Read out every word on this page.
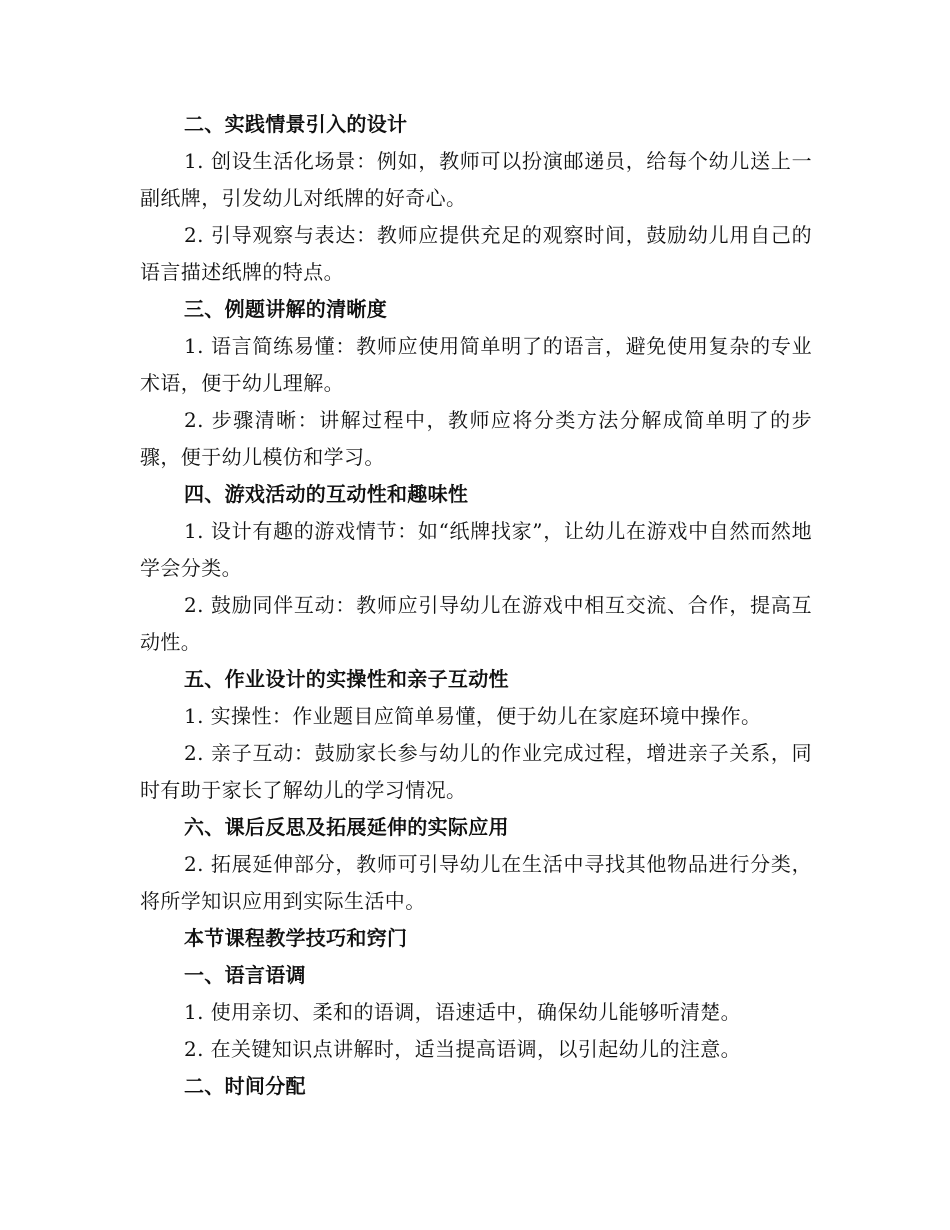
二、实践情景引入的设计

1. 创设生活化场景：例如，教师可以扮演邮递员，给每个幼儿送上一副纸牌，引发幼儿对纸牌的好奇心。

2. 引导观察与表达：教师应提供充足的观察时间，鼓励幼儿用自己的语言描述纸牌的特点。

三、例题讲解的清晰度

1. 语言简练易懂：教师应使用简单明了的语言，避免使用复杂的专业术语，便于幼儿理解。

2. 步骤清晰：讲解过程中，教师应将分类方法分解成简单明了的步骤，便于幼儿模仿和学习。

四、游戏活动的互动性和趣味性

1. 设计有趣的游戏情节：如“纸牌找家”，让幼儿在游戏中自然而然地学会分类。

2. 鼓励同伴互动：教师应引导幼儿在游戏中相互交流、合作，提高互动性。

五、作业设计的实操性和亲子互动性

1. 实操性：作业题目应简单易懂，便于幼儿在家庭环境中操作。

2. 亲子互动：鼓励家长参与幼儿的作业完成过程，增进亲子关系，同时有助于家长了解幼儿的学习情况。

六、课后反思及拓展延伸的实际应用

2. 拓展延伸部分，教师可引导幼儿在生活中寻找其他物品进行分类，将所学知识应用到实际生活中。

本节课程教学技巧和窍门
一、语言语调

1. 使用亲切、柔和的语调，语速适中，确保幼儿能够听清楚。

2. 在关键知识点讲解时，适当提高语调，以引起幼儿的注意。

二、时间分配
